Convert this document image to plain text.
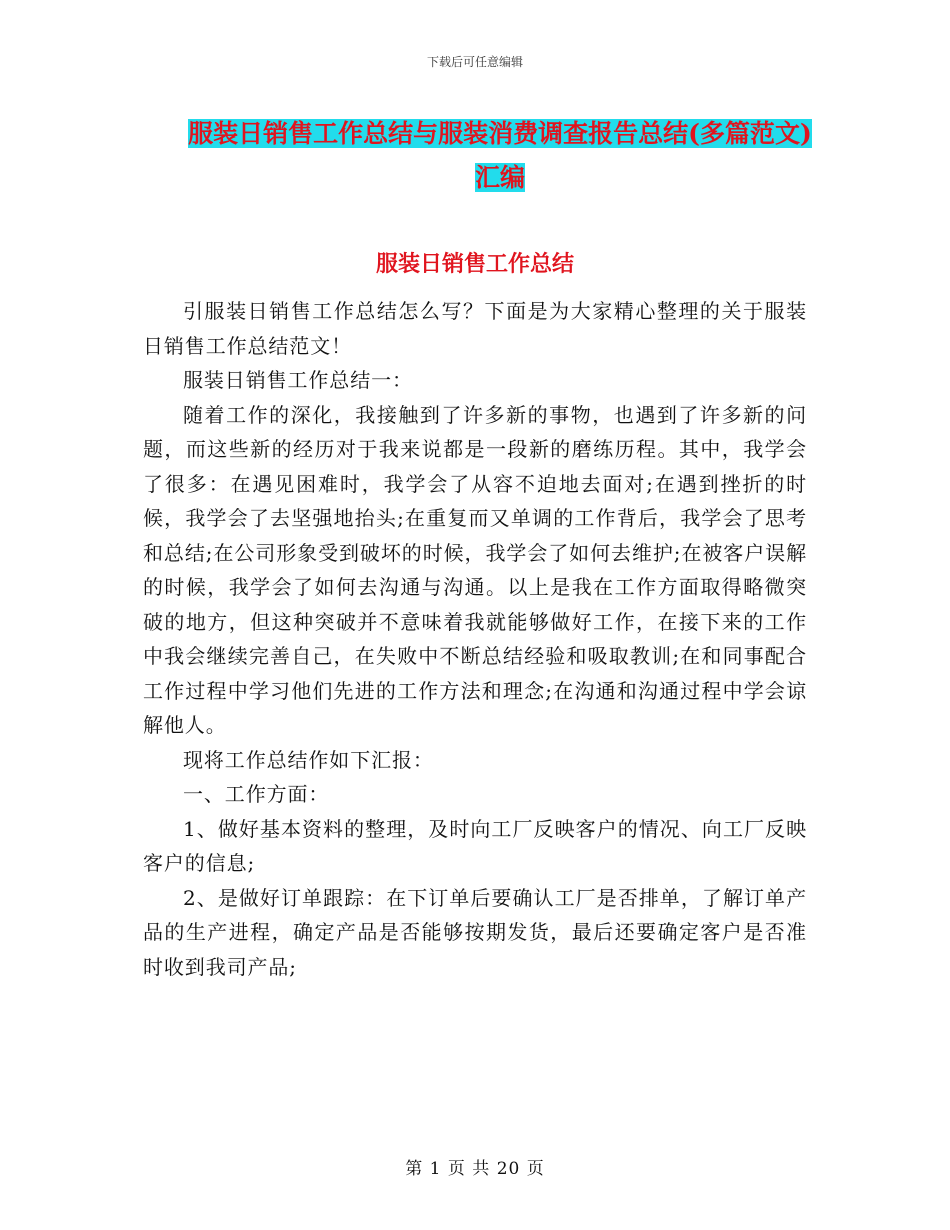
下载后可任意编辑
服装日销售工作总结与服装消费调查报告总结(多篇范文)汇编
服装日销售工作总结

引服装日销售工作总结怎么写？下面是为大家精心整理的关于服装日销售工作总结范文！

服装日销售工作总结一：

随着工作的深化，我接触到了许多新的事物，也遇到了许多新的问题，而这些新的经历对于我来说都是一段新的磨练历程。其中，我学会了很多：在遇见困难时，我学会了从容不迫地去面对;在遇到挫折的时候，我学会了去坚强地抬头;在重复而又单调的工作背后，我学会了思考和总结;在公司形象受到破坏的时候，我学会了如何去维护;在被客户误解的时候，我学会了如何去沟通与沟通。以上是我在工作方面取得略微突破的地方，但这种突破并不意味着我就能够做好工作，在接下来的工作中我会继续完善自己，在失败中不断总结经验和吸取教训;在和同事配合工作过程中学习他们先进的工作方法和理念;在沟通和沟通过程中学会谅解他人。

现将工作总结作如下汇报：

一、工作方面：

1、做好基本资料的整理，及时向工厂反映客户的情况、向工厂反映客户的信息;

2、是做好订单跟踪：在下订单后要确认工厂是否排单，了解订单产品的生产进程，确定产品是否能够按期发货，最后还要确定客户是否准时收到我司产品;

第 1 页 共 20 页
